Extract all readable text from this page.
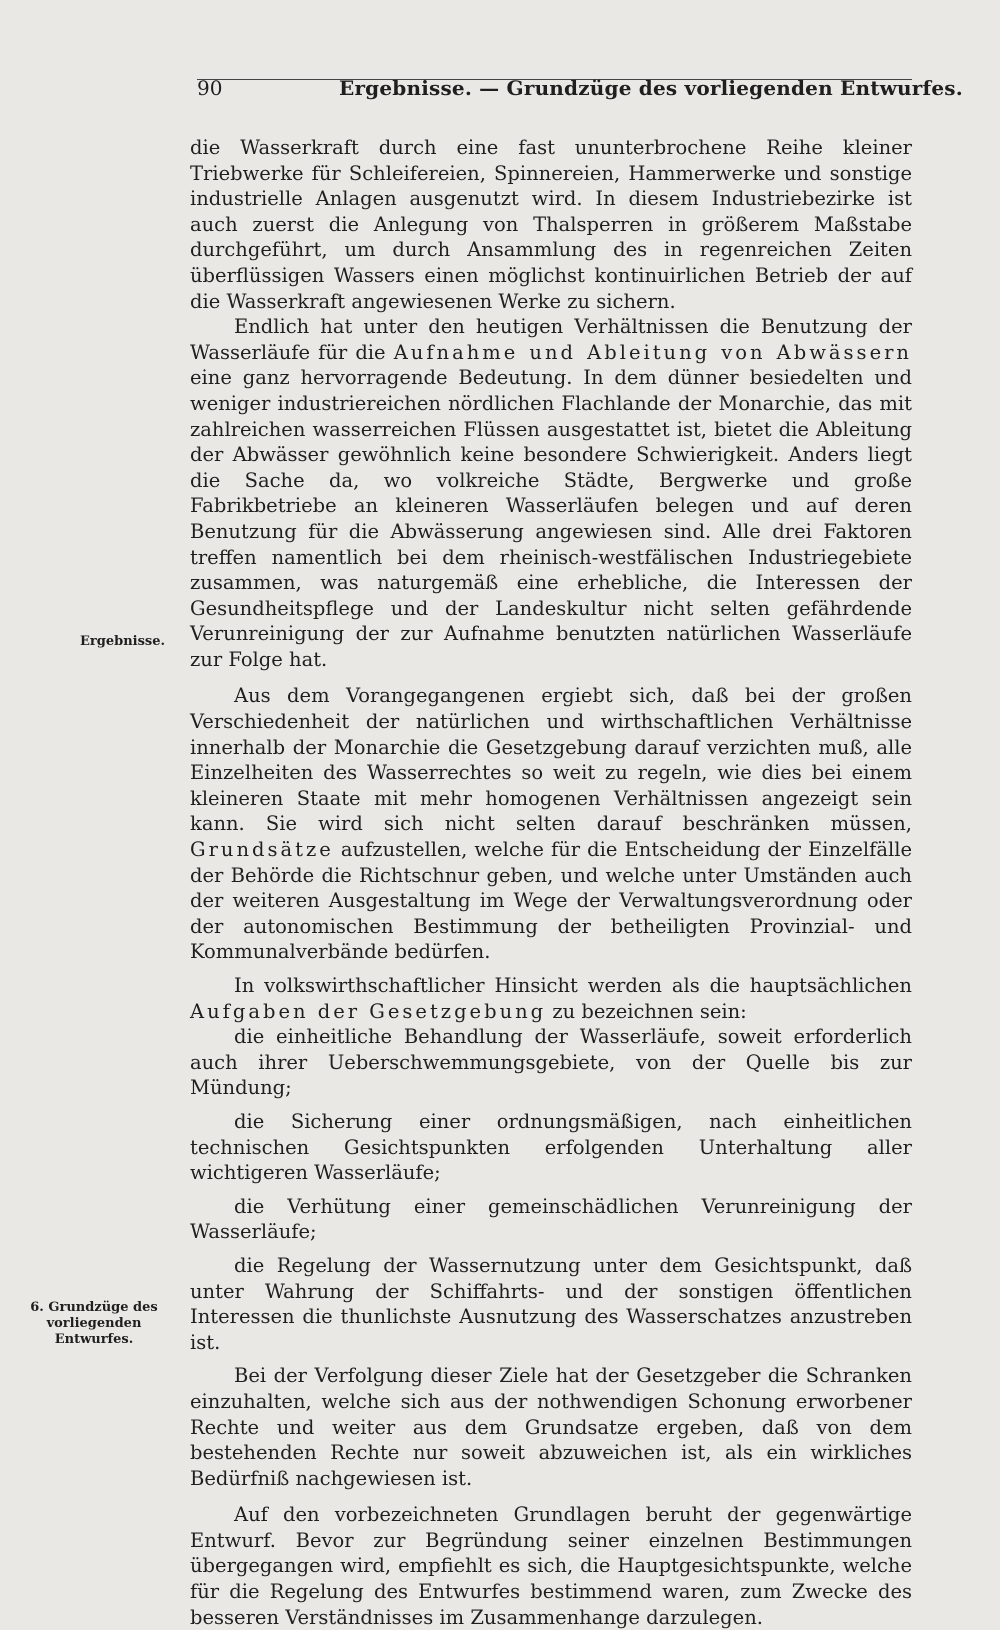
90	Ergebnisse. — Grundzüge des vorliegenden Entwurfes.
Ergebnisse.
6. Grundzüge des vorliegenden Entwurfes.

die Wasserkraft durch eine fast ununterbrochene Reihe kleiner Triebwerke für Schleifereien, Spinnereien, Hammerwerke und sonstige industrielle Anlagen ausgenutzt wird. In diesem Industriebezirke ist auch zuerst die Anlegung von Thalsperren in größerem Maßstabe durchgeführt, um durch Ansammlung des in regenreichen Zeiten überflüssigen Wassers einen möglichst kontinuirlichen Betrieb der auf die Wasserkraft angewiesenen Werke zu sichern.

Endlich hat unter den heutigen Verhältnissen die Benutzung der Wasserläufe für die Aufnahme und Ableitung von Abwässern eine ganz hervorragende Bedeutung. In dem dünner besiedelten und weniger industriereichen nördlichen Flachlande der Monarchie, das mit zahlreichen wasserreichen Flüssen ausgestattet ist, bietet die Ableitung der Abwässer gewöhnlich keine besondere Schwierigkeit. Anders liegt die Sache da, wo volkreiche Städte, Bergwerke und große Fabrikbetriebe an kleineren Wasserläufen belegen und auf deren Benutzung für die Abwässerung angewiesen sind. Alle drei Faktoren treffen namentlich bei dem rheinisch-westfälischen Industriegebiete zusammen, was naturgemäß eine erhebliche, die Interessen der Gesundheitspflege und der Landeskultur nicht selten gefährdende Verunreinigung der zur Aufnahme benutzten natürlichen Wasserläufe zur Folge hat.

Aus dem Vorangegangenen ergiebt sich, daß bei der großen Verschiedenheit der natürlichen und wirthschaftlichen Verhältnisse innerhalb der Monarchie die Gesetzgebung darauf verzichten muß, alle Einzelheiten des Wasserrechtes so weit zu regeln, wie dies bei einem kleineren Staate mit mehr homogenen Verhältnissen angezeigt sein kann. Sie wird sich nicht selten darauf beschränken müssen, Grundsätze aufzustellen, welche für die Entscheidung der Einzelfälle der Behörde die Richtschnur geben, und welche unter Umständen auch der weiteren Ausgestaltung im Wege der Verwaltungsverordnung oder der autonomischen Bestimmung der betheiligten Provinzial- und Kommunalverbände bedürfen.

In volkswirthschaftlicher Hinsicht werden als die hauptsächlichen Aufgaben der Gesetzgebung zu bezeichnen sein:

die einheitliche Behandlung der Wasserläufe, soweit erforderlich auch ihrer Ueberschwemmungsgebiete, von der Quelle bis zur Mündung;
die Sicherung einer ordnungsmäßigen, nach einheitlichen technischen Gesichtspunkten erfolgenden Unterhaltung aller wichtigeren Wasserläufe;
die Verhütung einer gemeinschädlichen Verunreinigung der Wasserläufe;
die Regelung der Wassernutzung unter dem Gesichtspunkt, daß unter Wahrung der Schiffahrts- und der sonstigen öffentlichen Interessen die thunlichste Ausnutzung des Wasserschatzes anzustreben ist.

Bei der Verfolgung dieser Ziele hat der Gesetzgeber die Schranken einzuhalten, welche sich aus der nothwendigen Schonung erworbener Rechte und weiter aus dem Grundsatze ergeben, daß von dem bestehenden Rechte nur soweit abzuweichen ist, als ein wirkliches Bedürfniß nachgewiesen ist.

Auf den vorbezeichneten Grundlagen beruht der gegenwärtige Entwurf. Bevor zur Begründung seiner einzelnen Bestimmungen übergegangen wird, empfiehlt es sich, die Hauptgesichtspunkte, welche für die Regelung des Entwurfes bestimmend waren, zum Zwecke des besseren Verständnisses im Zusammenhange darzulegen.
